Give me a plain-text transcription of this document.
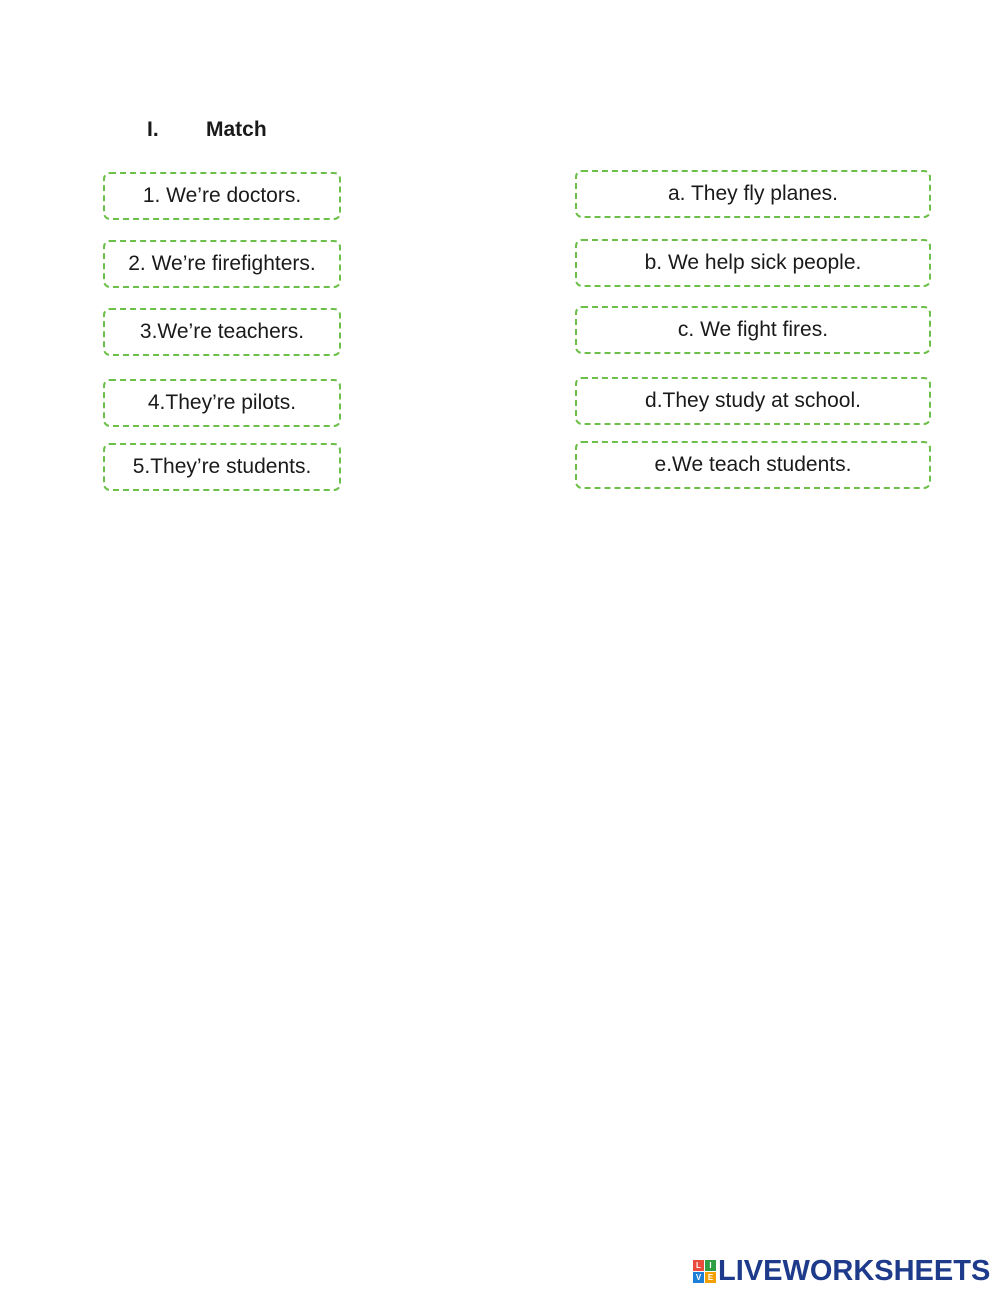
I. Match
1. We’re doctors.
2. We’re firefighters.
3.We’re teachers.
4.They’re pilots.
5.They’re students.
a. They fly planes.
b. We help sick people.
c. We fight fires.
d.They study at school.
e.We teach students.
L	I
V E LIVEWORKSHEETS
